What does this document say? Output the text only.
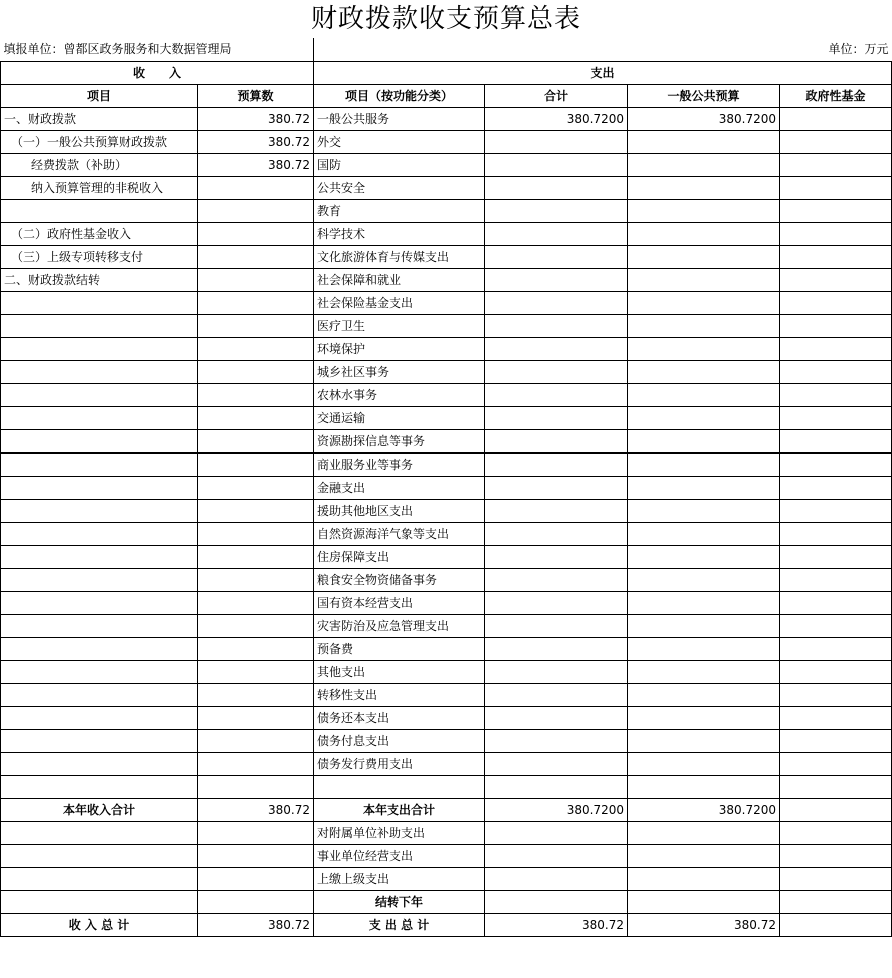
财政拨款收支预算总表
填报单位：曾都区政务服务和大数据管理局		单位：万元			
收　　入		支出			
项目	预算数	项目（按功能分类）	合计	一般公共预算	政府性基金
一、财政拨款	380.72	一般公共服务	380.7200	380.7200	
（一）一般公共预算财政拨款	380.72	外交			
经费拨款（补助）	380.72	国防			
纳入预算管理的非税收入		公共安全			
		教育			
（二）政府性基金收入		科学技术			
（三）上级专项转移支付		文化旅游体育与传媒支出			
二、财政拨款结转		社会保障和就业			
		社会保险基金支出			
		医疗卫生			
		环境保护			
		城乡社区事务			
		农林水事务			
		交通运输			
		资源勘探信息等事务			
		商业服务业等事务			
		金融支出			
		援助其他地区支出			
		自然资源海洋气象等支出			
		住房保障支出			
		粮食安全物资储备事务			
		国有资本经营支出			
		灾害防治及应急管理支出			
		预备费			
		其他支出			
		转移性支出			
		债务还本支出			
		债务付息支出			
		债务发行费用支出			

本年收入合计	380.72	本年支出合计	380.7200	380.7200	
		对附属单位补助支出			
		事业单位经营支出			
		上缴上级支出			
		结转下年			
收 入 总 计	380.72	支 出 总 计	380.72	380.72	
